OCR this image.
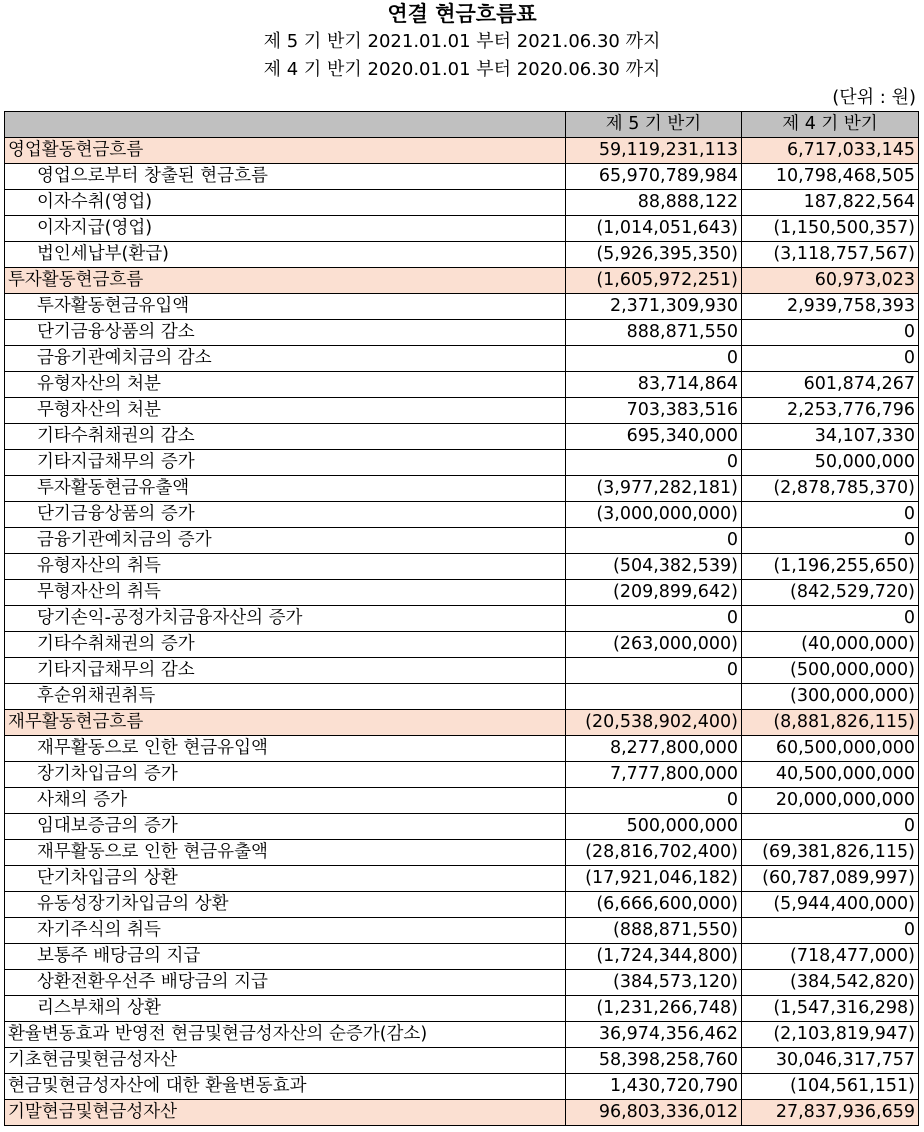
연결 현금흐름표
제 5 기 반기 2021.01.01 부터 2021.06.30 까지
제 4 기 반기 2020.01.01 부터 2020.06.30 까지
(단위 : 원)
	제 5 기 반기	제 4 기 반기
영업활동현금흐름	59,119,231,113	6,717,033,145
영업으로부터 창출된 현금흐름	65,970,789,984	10,798,468,505
이자수취(영업)	88,888,122	187,822,564
이자지급(영업)	(1,014,051,643)	(1,150,500,357)
법인세납부(환급)	(5,926,395,350)	(3,118,757,567)
투자활동현금흐름	(1,605,972,251)	60,973,023
투자활동현금유입액	2,371,309,930	2,939,758,393
단기금융상품의 감소	888,871,550	0
금융기관예치금의 감소	0	0
유형자산의 처분	83,714,864	601,874,267
무형자산의 처분	703,383,516	2,253,776,796
기타수취채권의 감소	695,340,000	34,107,330
기타지급채무의 증가	0	50,000,000
투자활동현금유출액	(3,977,282,181)	(2,878,785,370)
단기금융상품의 증가	(3,000,000,000)	0
금융기관예치금의 증가	0	0
유형자산의 취득	(504,382,539)	(1,196,255,650)
무형자산의 취득	(209,899,642)	(842,529,720)
당기손익-공정가치금융자산의 증가	0	0
기타수취채권의 증가	(263,000,000)	(40,000,000)
기타지급채무의 감소	0	(500,000,000)
후순위채권취득		(300,000,000)
재무활동현금흐름	(20,538,902,400)	(8,881,826,115)
재무활동으로 인한 현금유입액	8,277,800,000	60,500,000,000
장기차입금의 증가	7,777,800,000	40,500,000,000
사채의 증가	0	20,000,000,000
임대보증금의 증가	500,000,000	0
재무활동으로 인한 현금유출액	(28,816,702,400)	(69,381,826,115)
단기차입금의 상환	(17,921,046,182)	(60,787,089,997)
유동성장기차입금의 상환	(6,666,600,000)	(5,944,400,000)
자기주식의 취득	(888,871,550)	0
보통주 배당금의 지급	(1,724,344,800)	(718,477,000)
상환전환우선주 배당금의 지급	(384,573,120)	(384,542,820)
리스부채의 상환	(1,231,266,748)	(1,547,316,298)
환율변동효과 반영전 현금및현금성자산의 순증가(감소)	36,974,356,462	(2,103,819,947)
기초현금및현금성자산	58,398,258,760	30,046,317,757
현금및현금성자산에 대한 환율변동효과	1,430,720,790	(104,561,151)
기말현금및현금성자산	96,803,336,012	27,837,936,659
